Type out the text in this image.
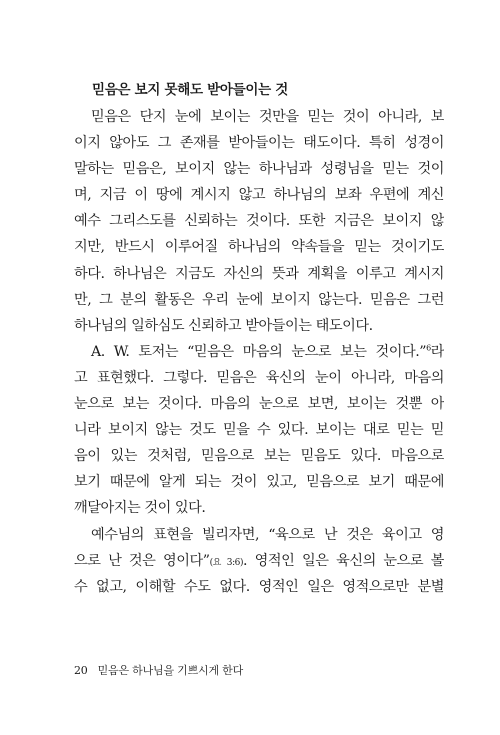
믿음은 보지 못해도 받아들이는 것
믿음은 단지 눈에 보이는 것만을 믿는 것이 아니라, 보
이지 않아도 그 존재를 받아들이는 태도이다. 특히 성경이
말하는 믿음은, 보이지 않는 하나님과 성령님을 믿는 것이
며, 지금 이 땅에 계시지 않고 하나님의 보좌 우편에 계신
예수 그리스도를 신뢰하는 것이다. 또한 지금은 보이지 않
지만, 반드시 이루어질 하나님의 약속들을 믿는 것이기도
하다. 하나님은 지금도 자신의 뜻과 계획을 이루고 계시지
만, 그 분의 활동은 우리 눈에 보이지 않는다. 믿음은 그런
하나님의 일하심도 신뢰하고 받아들이는 태도이다.
A. W. 토저는 “믿음은 마음의 눈으로 보는 것이다.”$^6$라
고 표현했다. 그렇다. 믿음은 육신의 눈이 아니라, 마음의
눈으로 보는 것이다. 마음의 눈으로 보면, 보이는 것뿐 아
니라 보이지 않는 것도 믿을 수 있다. 보이는 대로 믿는 믿
음이 있는 것처럼, 믿음으로 보는 믿음도 있다. 마음으로
보기 때문에 알게 되는 것이 있고, 믿음으로 보기 때문에
깨달아지는 것이 있다.
예수님의 표현을 빌리자면, “육으로 난 것은 육이고 영
으로 난 것은 영이다”(요 3:6). 영적인 일은 육신의 눈으로 볼
수 없고, 이해할 수도 없다. 영적인 일은 영적으로만 분별
20 믿음은 하나님을 기쁘시게 한다
